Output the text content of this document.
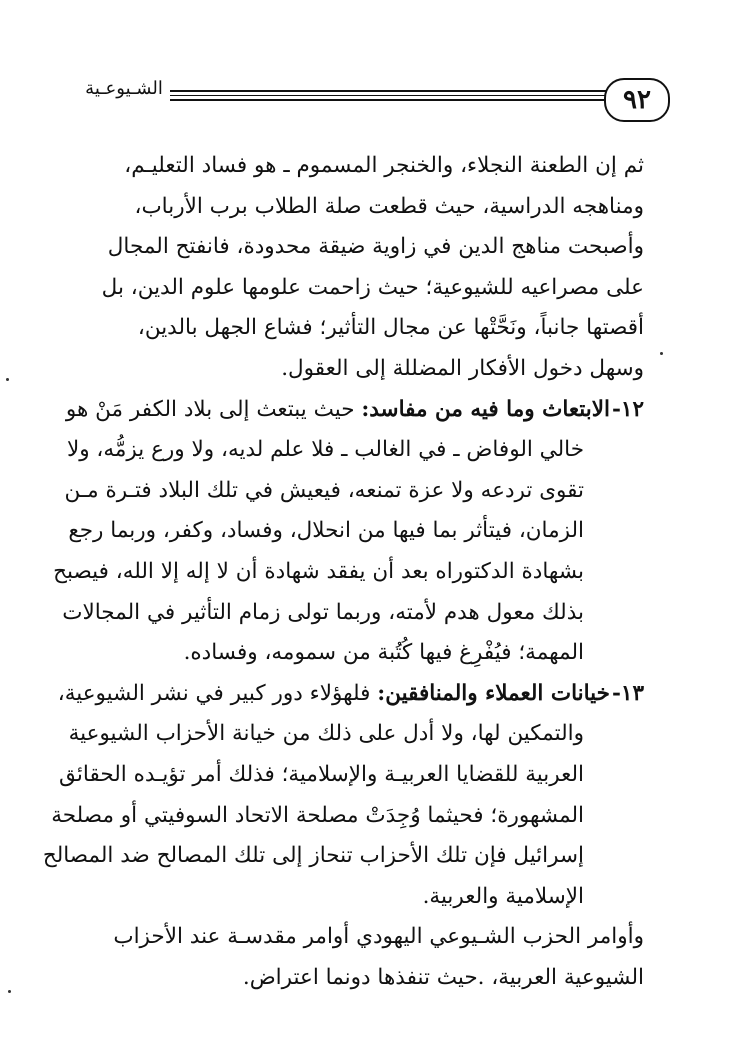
٩٢
الشـيوعـية
ثم إن الطعنة النجلاء، والخنجر المسموم ـ هو فساد التعليـم،
ومناهجه الدراسية، حيث قطعت صلة الطلاب برب الأرباب،
وأصبحت مناهج الدين في زاوية ضيقة محدودة، فانفتح المجال
على مصراعيه للشيوعية؛ حيث زاحمت علومها علوم الدين، بل
أقصتها جانباً، ونَحَّتْها عن مجال التأثير؛ فشاع الجهل بالدين،
وسهل دخول الأفكار المضللة إلى العقول.
١٢-الابتعاث وما فيه من مفاسد: حيث يبتعث إلى بلاد الكفر مَنْ هو
خالي الوفاض ـ في الغالب ـ فلا علم لديه، ولا ورع يزمُّه، ولا
تقوى تردعه ولا عزة تمنعه، فيعيش في تلك البلاد فتـرة مـن
الزمان، فيتأثر بما فيها من انحلال، وفساد، وكفر، وربما رجع
بشهادة الدكتوراه بعد أن يفقد شهادة أن لا إله إلا الله، فيصبح
بذلك معول هدم لأمته، وربما تولى زمام التأثير في المجالات
المهمة؛ فيُفْرِغ فيها كُتُبة من سمومه، وفساده.
١٣-خيانات العملاء والمنافقين: فلهؤلاء دور كبير في نشر الشيوعية،
والتمكين لها، ولا أدل على ذلك من خيانة الأحزاب الشيوعية
العربية للقضايا العربيـة والإسلامية؛ فذلك أمر تؤيـده الحقائق
المشهورة؛ فحيثما وُجِدَتْ مصلحة الاتحاد السوفيتي أو مصلحة
إسرائيل فإن تلك الأحزاب تنحاز إلى تلك المصالح ضد المصالح
الإسلامية والعربية.
وأوامر الحزب الشـيوعي اليهودي أوامر مقدسـة عند الأحزاب
الشيوعية العربية، .حيث تنفذها دونما اعتراض.
